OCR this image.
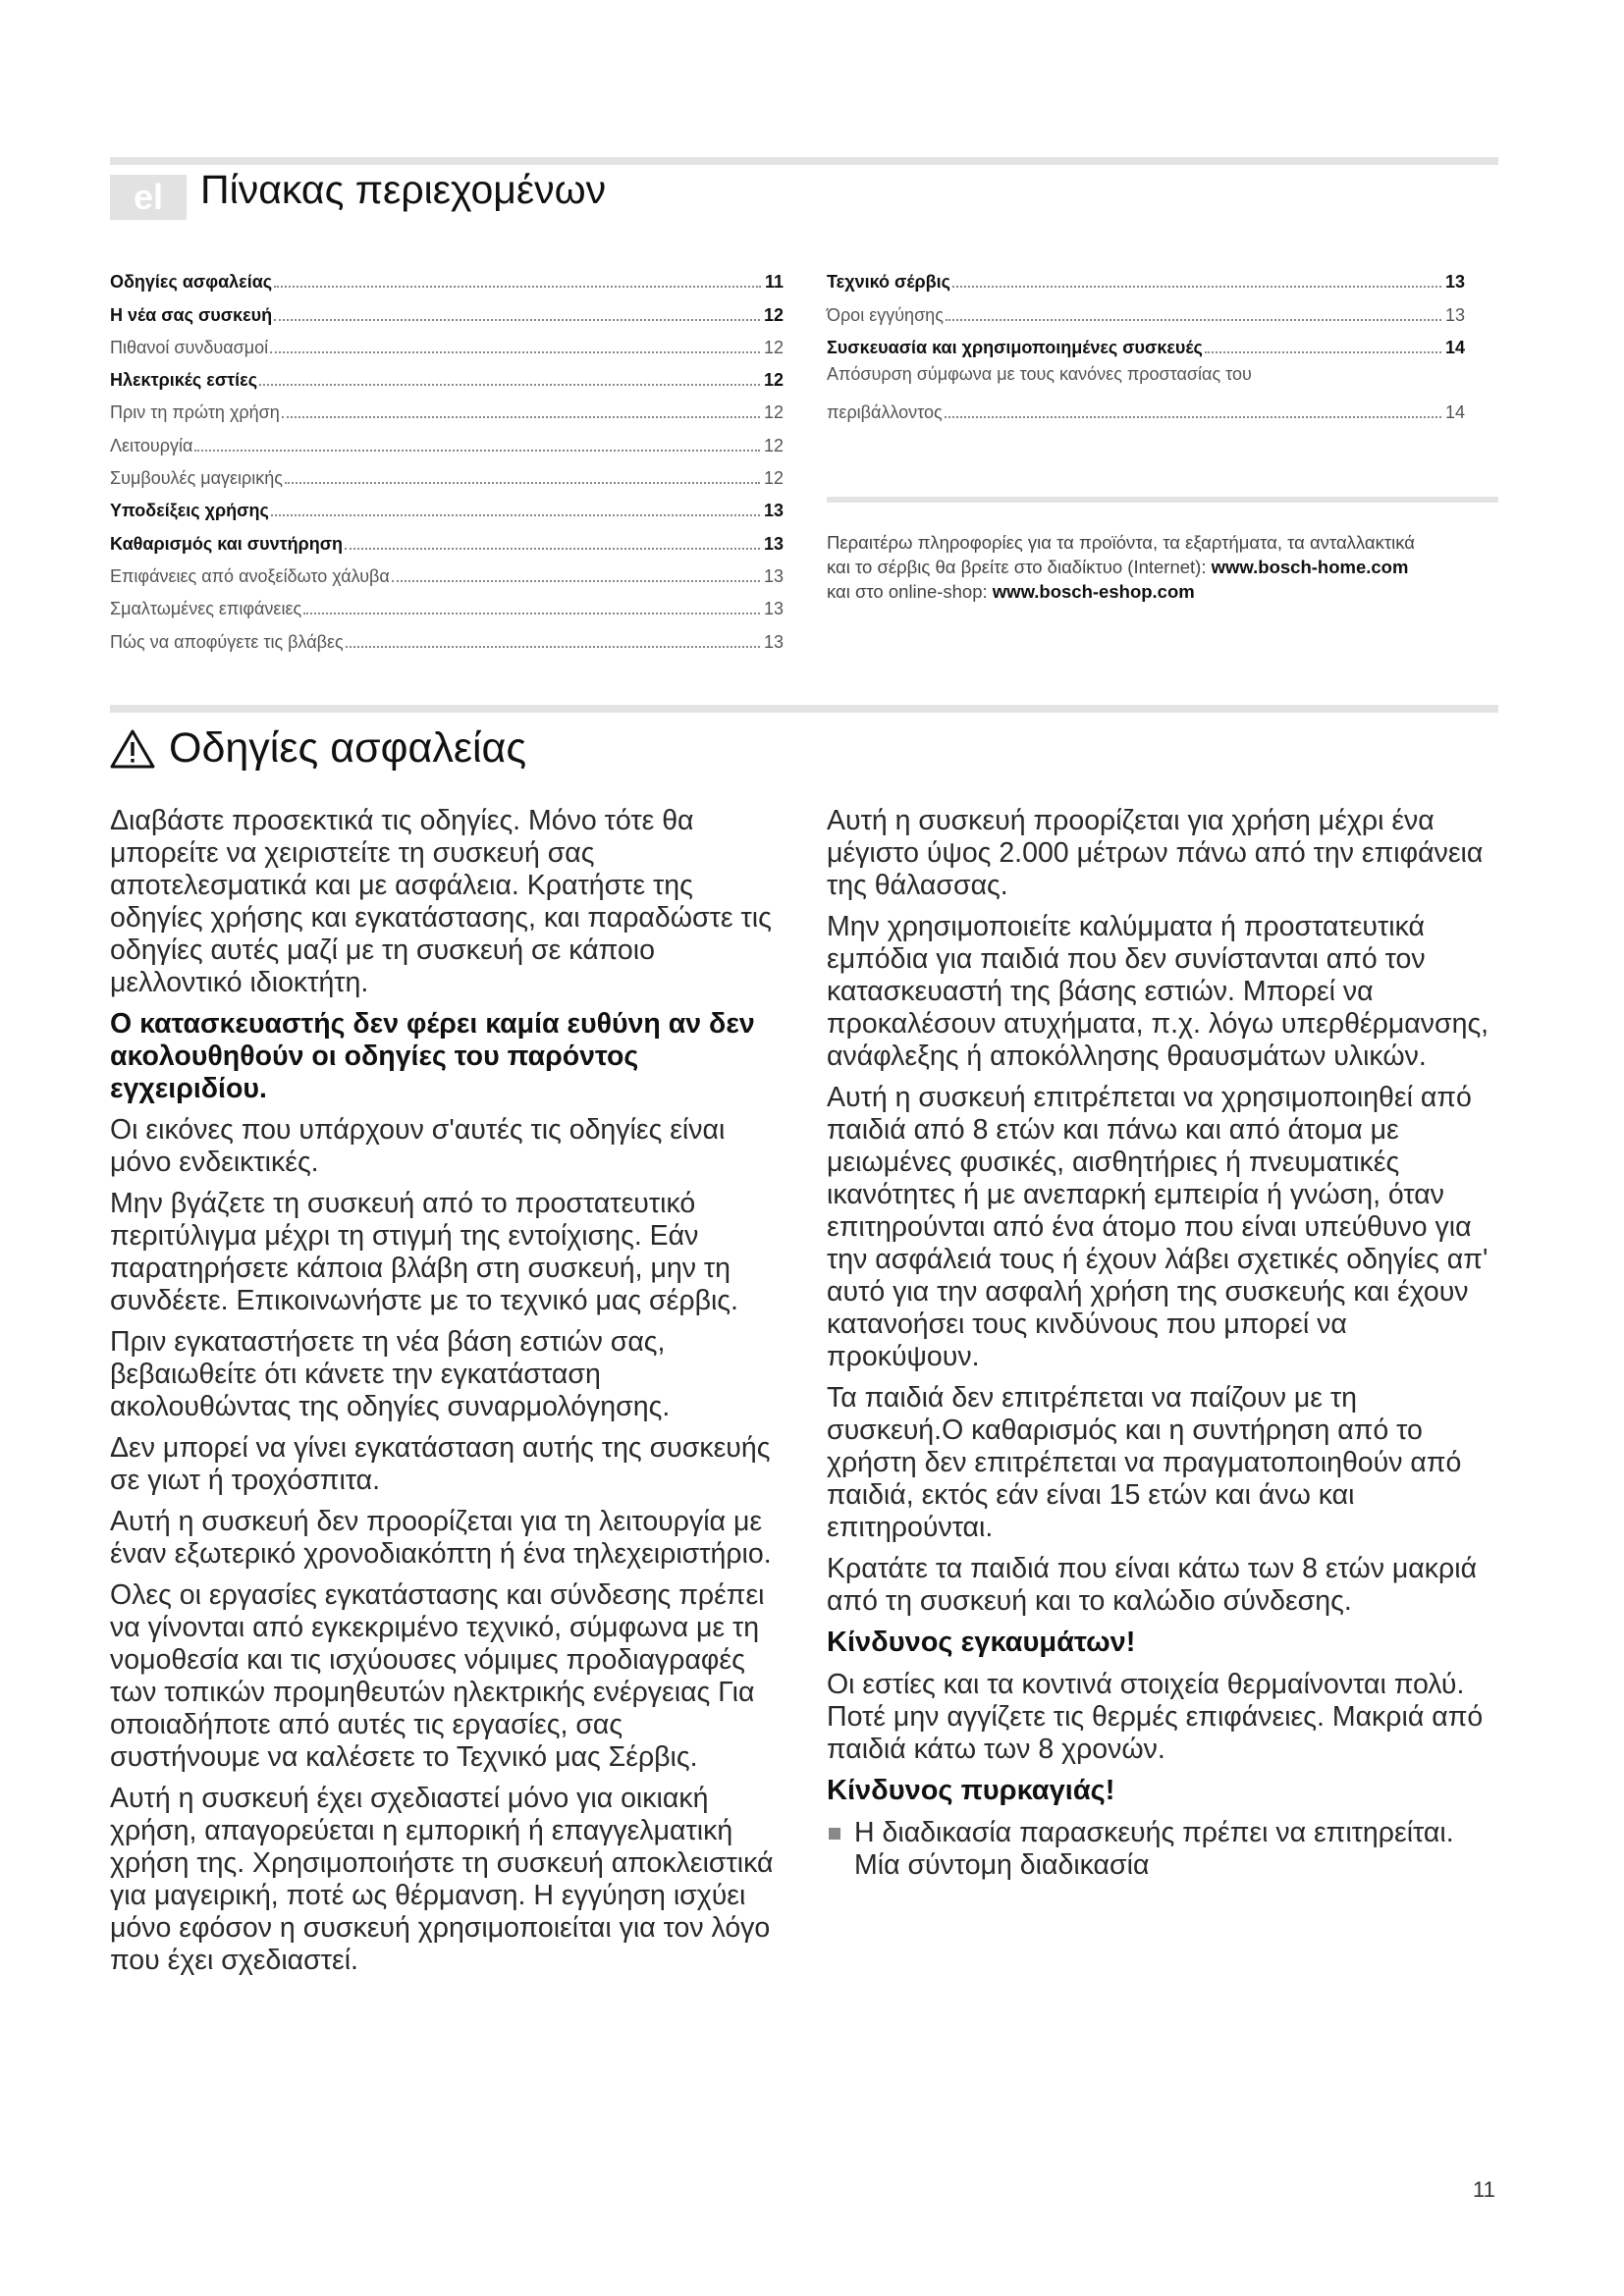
el Πίνακας περιεχομένων
Οδηγίες ασφαλείας	11
Η νέα σας συσκευή	12
Πιθανοί συνδυασμοί	12
Ηλεκτρικές εστίες	12
Πριν τη πρώτη χρήση	12
Λειτουργία	12
Συμβουλές μαγειρικής	12
Υποδείξεις χρήσης	13
Καθαρισμός και συντήρηση	13
Επιφάνειες από ανοξείδωτο χάλυβα	13
Σμαλτωμένες επιφάνειες	13
Πώς να αποφύγετε τις βλάβες	13
Τεχνικό σέρβις	13
Όροι εγγύησης	13
Συσκευασία και χρησιμοποιημένες συσκευές	14
Απόσυρση σύμφωνα με τους κανόνες προστασίας του
περιβάλλοντος	14
Περαιτέρω πληροφορίες για τα προϊόντα, τα εξαρτήματα, τα ανταλλακτικά και το σέρβις θα βρείτε στο διαδίκτυο (Internet): www.bosch-home.com και στο online-shop: www.bosch-eshop.com
Οδηγίες ασφαλείας

Διαβάστε προσεκτικά τις οδηγίες. Μόνο τότε θα μπορείτε να χειριστείτε τη συσκευή σας αποτελεσματικά και με ασφάλεια. Κρατήστε της οδηγίες χρήσης και εγκατάστασης, και παραδώστε τις οδηγίες αυτές μαζί με τη συσκευή σε κάποιο μελλοντικό ιδιοκτήτη.

Ο κατασκευαστής δεν φέρει καμία ευθύνη αν δεν ακολουθηθούν οι οδηγίες του παρόντος εγχειριδίου.

Οι εικόνες που υπάρχουν σ'αυτές τις οδηγίες είναι μόνο ενδεικτικές.

Μην βγάζετε τη συσκευή από το προστατευτικό περιτύλιγμα μέχρι τη στιγμή της εντοίχισης. Εάν παρατηρήσετε κάποια βλάβη στη συσκευή, μην τη συνδέετε. Επικοινωνήστε με το τεχνικό μας σέρβις.

Πριν εγκαταστήσετε τη νέα βάση εστιών σας, βεβαιωθείτε ότι κάνετε την εγκατάσταση ακολουθώντας της οδηγίες συναρμολόγησης.

Δεν μπορεί να γίνει εγκατάσταση αυτής της συσκευής σε γιωτ ή τροχόσπιτα.

Αυτή η συσκευή δεν προορίζεται για τη λειτουργία με έναν εξωτερικό χρονοδιακόπτη ή ένα τηλεχειριστήριο.

Ολες οι εργασίες εγκατάστασης και σύνδεσης πρέπει να γίνονται από εγκεκριμένο τεχνικό, σύμφωνα με τη νομοθεσία και τις ισχύουσες νόμιμες προδιαγραφές των τοπικών προμηθευτών ηλεκτρικής ενέργειας Για οποιαδήποτε από αυτές τις εργασίες, σας συστήνουμε να καλέσετε το Τεχνικό μας Σέρβις.

Αυτή η συσκευή έχει σχεδιαστεί μόνο για οικιακή χρήση, απαγορεύεται η εμπορική ή επαγγελματική χρήση της. Χρησιμοποιήστε τη συσκευή αποκλειστικά για μαγειρική, ποτέ ως θέρμανση. Η εγγύηση ισχύει μόνο εφόσον η συσκευή χρησιμοποιείται για τον λόγο που έχει σχεδιαστεί.

Αυτή η συσκευή προορίζεται για χρήση μέχρι ένα μέγιστο ύψος 2.000 μέτρων πάνω από την επιφάνεια της θάλασσας.

Μην χρησιμοποιείτε καλύμματα ή προστατευτικά εμπόδια για παιδιά που δεν συνίστανται από τον κατασκευαστή της βάσης εστιών. Μπορεί να προκαλέσουν ατυχήματα, π.χ. λόγω υπερθέρμανσης, ανάφλεξης ή αποκόλλησης θραυσμάτων υλικών.

Αυτή η συσκευή επιτρέπεται να χρησιμοποιηθεί από παιδιά από 8 ετών και πάνω και από άτομα με μειωμένες φυσικές, αισθητήριες ή πνευματικές ικανότητες ή με ανεπαρκή εμπειρία ή γνώση, όταν επιτηρούνται από ένα άτομο που είναι υπεύθυνο για την ασφάλειά τους ή έχουν λάβει σχετικές οδηγίες απ' αυτό για την ασφαλή χρήση της συσκευής και έχουν κατανοήσει τους κινδύνους που μπορεί να προκύψουν.

Τα παιδιά δεν επιτρέπεται να παίζουν με τη συσκευή.Ο καθαρισμός και η συντήρηση από το χρήστη δεν επιτρέπεται να πραγματοποιηθούν από παιδιά, εκτός εάν είναι 15 ετών και άνω και επιτηρούνται.

Κρατάτε τα παιδιά που είναι κάτω των 8 ετών μακριά από τη συσκευή και το καλώδιο σύνδεσης.

Κίνδυνος εγκαυμάτων!

Οι εστίες και τα κοντινά στοιχεία θερμαίνονται πολύ. Ποτέ μην αγγίζετε τις θερμές επιφάνειες. Μακριά από παιδιά κάτω των 8 χρονών.

Κίνδυνος πυρκαγιάς!

Η διαδικασία παρασκευής πρέπει να επιτηρείται. Μία σύντομη διαδικασία

11
